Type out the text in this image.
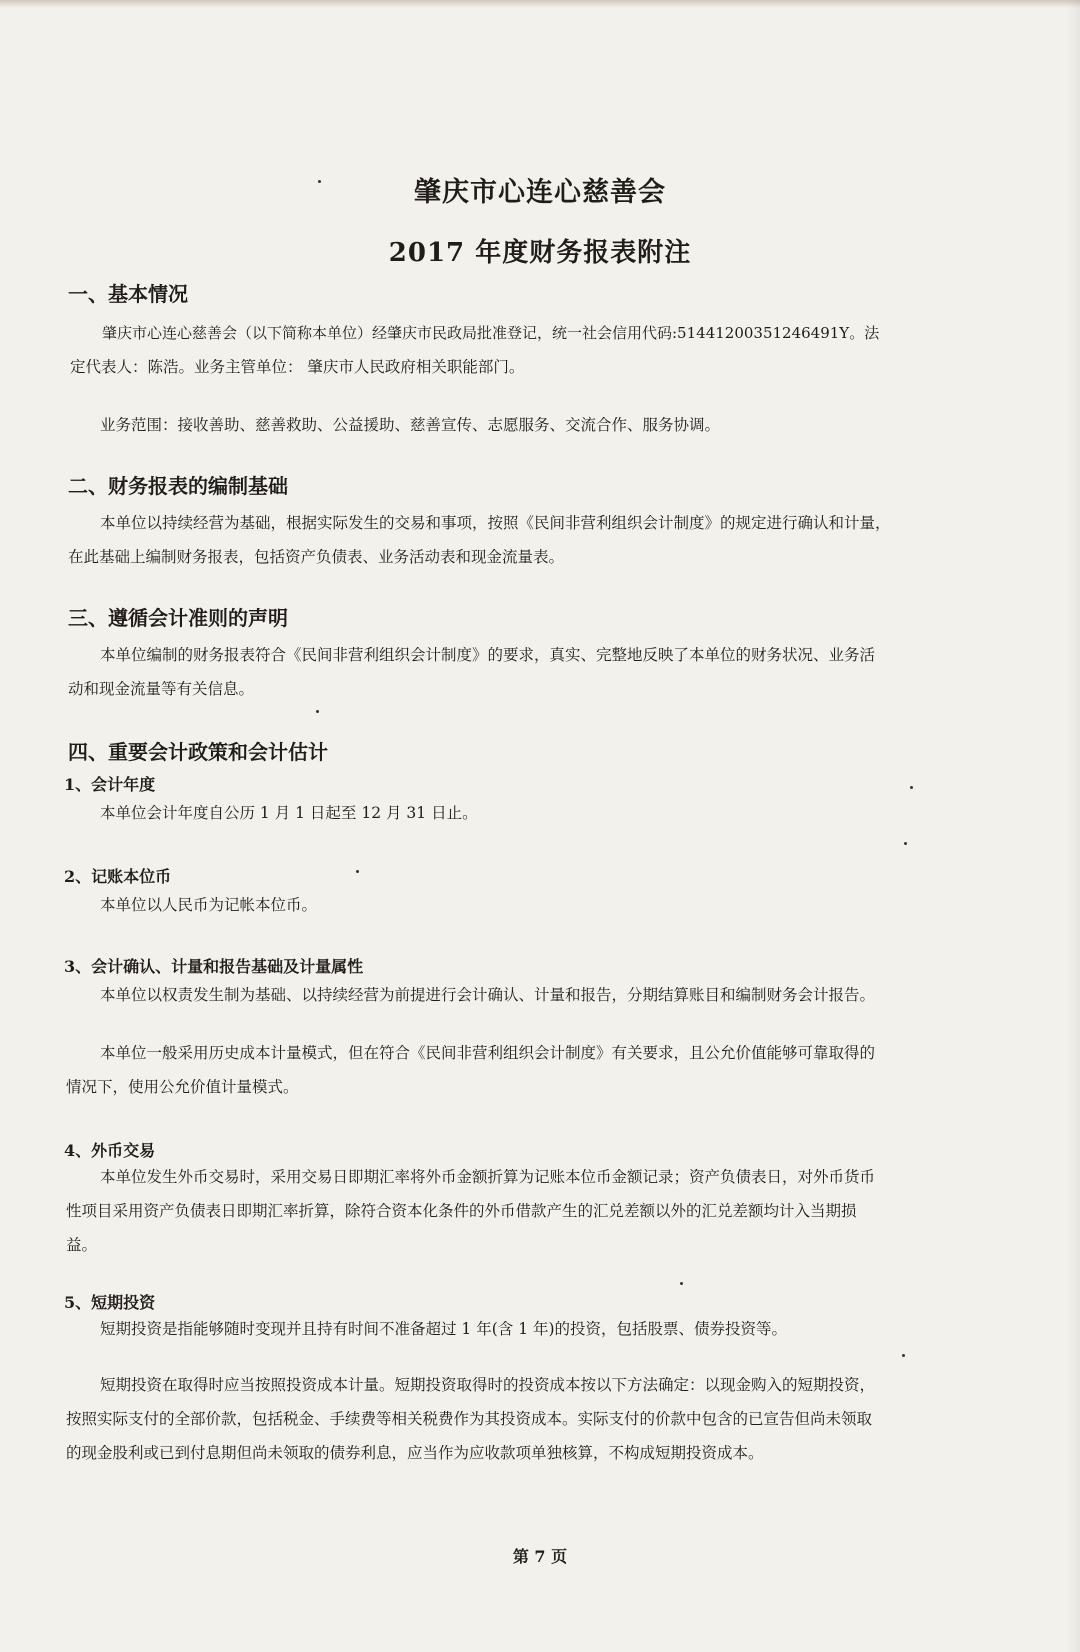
肇庆市心连心慈善会
2017 年度财务报表附注
一、基本情况
肇庆市心连心慈善会（以下简称本单位）经肇庆市民政局批准登记，统一社会信用代码:51441200351246491Y。法
定代表人：陈浩。业务主管单位： 肇庆市人民政府相关职能部门。
业务范围：接收善助、慈善救助、公益援助、慈善宣传、志愿服务、交流合作、服务协调。
二、财务报表的编制基础
本单位以持续经营为基础，根据实际发生的交易和事项，按照《民间非营利组织会计制度》的规定进行确认和计量，
在此基础上编制财务报表，包括资产负债表、业务活动表和现金流量表。
三、遵循会计准则的声明
本单位编制的财务报表符合《民间非营利组织会计制度》的要求，真实、完整地反映了本单位的财务状况、业务活
动和现金流量等有关信息。
四、重要会计政策和会计估计
1、会计年度
本单位会计年度自公历 1 月 1 日起至 12 月 31 日止。
2、记账本位币
本单位以人民币为记帐本位币。
3、会计确认、计量和报告基础及计量属性
本单位以权责发生制为基础、以持续经营为前提进行会计确认、计量和报告，分期结算账目和编制财务会计报告。
本单位一般采用历史成本计量模式，但在符合《民间非营利组织会计制度》有关要求，且公允价值能够可靠取得的
情况下，使用公允价值计量模式。
4、外币交易
本单位发生外币交易时，采用交易日即期汇率将外币金额折算为记账本位币金额记录；资产负债表日，对外币货币
性项目采用资产负债表日即期汇率折算，除符合资本化条件的外币借款产生的汇兑差额以外的汇兑差额均计入当期损
益。
5、短期投资
短期投资是指能够随时变现并且持有时间不准备超过 1 年(含 1 年)的投资，包括股票、债券投资等。
短期投资在取得时应当按照投资成本计量。短期投资取得时的投资成本按以下方法确定：以现金购入的短期投资，
按照实际支付的全部价款，包括税金、手续费等相关税费作为其投资成本。实际支付的价款中包含的已宣告但尚未领取
的现金股利或已到付息期但尚未领取的债券利息，应当作为应收款项单独核算，不构成短期投资成本。
第 7 页
